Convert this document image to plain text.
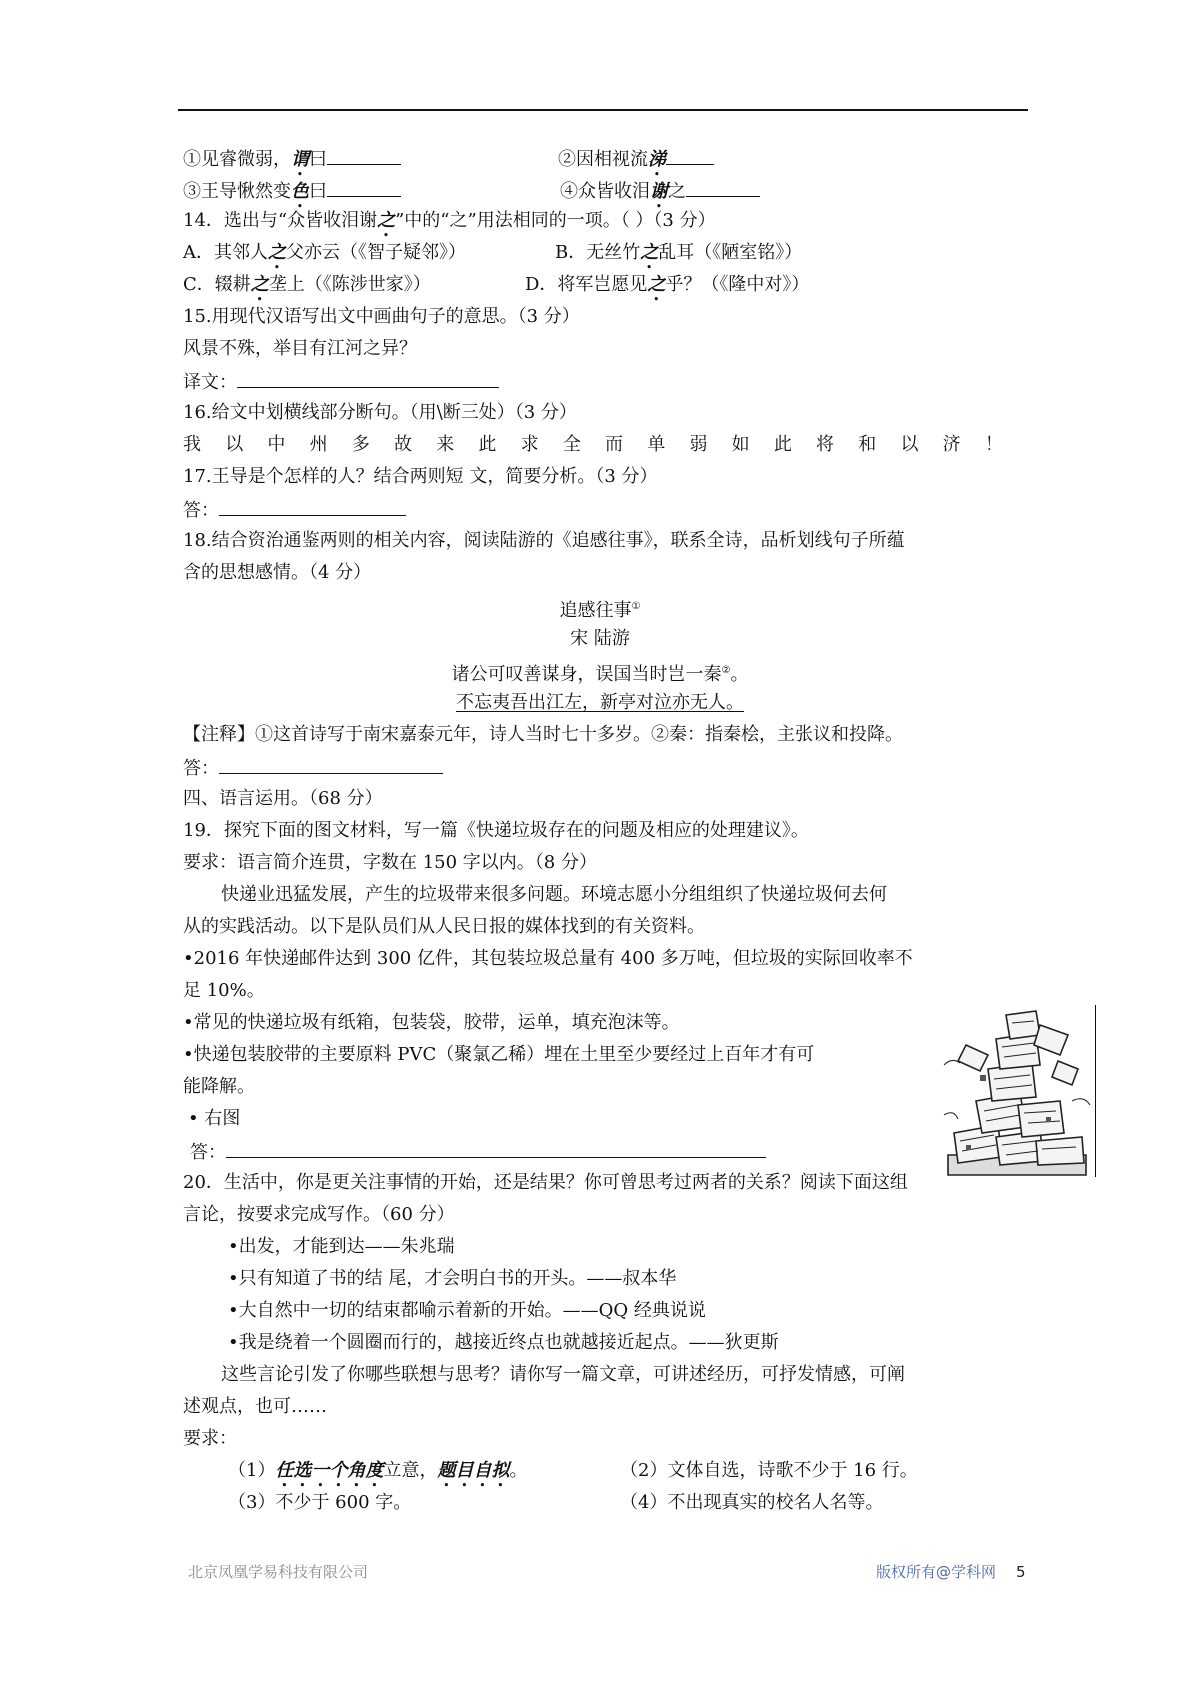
①见睿微弱，谓曰	②因相视流涕
③王导愀然变色曰	④众皆收泪谢之
14．选出与“众皆收泪谢之”中的“之”用法相同的一项。（ ）（3 分）
A．其邻人之父亦云（《智子疑邻》）	B．无丝竹之乱耳（《陋室铭》）
C．辍耕之垄上（《陈涉世家》）	D．将军岂愿见之乎？（《隆中对》）
15.用现代汉语写出文中画曲句子的意思。（3 分）
风景不殊，举目有江河之异？
译文：
16.给文中划横线部分断句。（用\断三处）（3 分）
我 以 中 州 多 故 来 此 求 全 而 单 弱 如 此 将 和 以 济 ！
17.王导是个怎样的人？结合两则短 文，简要分析。（3 分）
答：
18.结合资治通鉴两则的相关内容，阅读陆游的《追感往事》，联系全诗，品析划线句子所蕴
含的思想感情。（4 分）
追感往事①
宋 陆游
诸公可叹善谋身，误国当时岂一秦②。
不忘夷吾出江左，新亭对泣亦无人。
【注释】①这首诗写于南宋嘉泰元年，诗人当时七十多岁。②秦：指秦桧，主张议和投降。
答：
四、语言运用。（68 分）
19．探究下面的图文材料，写一篇《快递垃圾存在的问题及相应的处理建议》。
要求：语言简介连贯，字数在 150 字以内。（8 分）
快递业迅猛发展，产生的垃圾带来很多问题。环境志愿小分组组织了快递垃圾何去何
从的实践活动。以下是队员们从人民日报的媒体找到的有关资料。
•2016 年快递邮件达到 300 亿件，其包装垃圾总量有 400 多万吨，但垃圾的实际回收率不
足 10%。
•常见的快递垃圾有纸箱，包装袋，胶带，运单，填充泡沫等。
•快递包装胶带的主要原料 PVC（聚氯乙稀）埋在土里至少要经过上百年才有可
能降解。
• 右图
答：
20．生活中，你是更关注事情的开始，还是结果？你可曾思考过两者的关系？阅读下面这组
言论，按要求完成写作。（60 分）
•出发，才能到达——朱兆瑞
•只有知道了书的结 尾，才会明白书的开头。——叔本华
•大自然中一切的结束都喻示着新的开始。——QQ 经典说说
•我是绕着一个圆圈而行的，越接近终点也就越接近起点。——狄更斯
这些言论引发了你哪些联想与思考？请你写一篇文章，可讲述经历，可抒发情感，可阐
述观点，也可……
要求：
（1）任选一个角度立意，题目自拟。	（2）文体自选，诗歌不少于 16 行。
（3）不少于 600 字。	（4）不出现真实的校名人名等。
北京凤凰学易科技有限公司	版权所有@学科网 5
